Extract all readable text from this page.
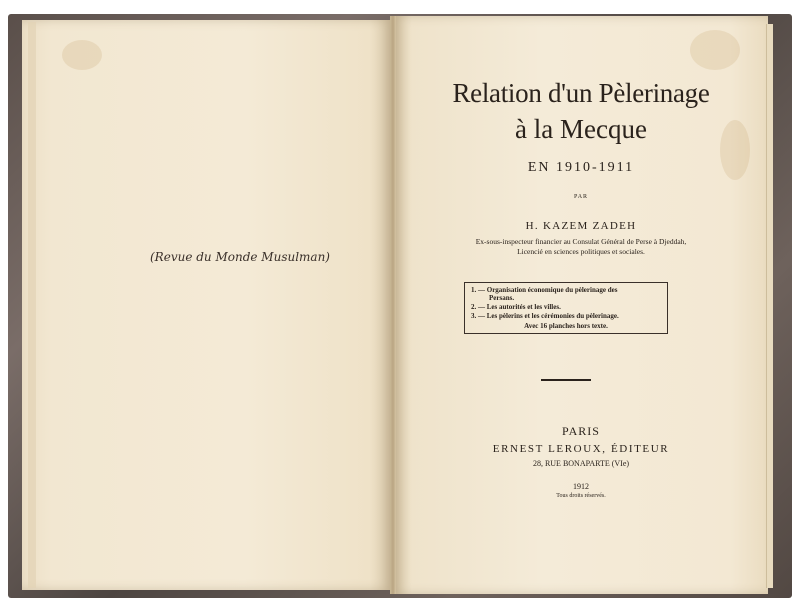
(Revue du Monde Musulman)
Relation d'un Pèlerinage
à la Mecque
EN 1910-1911
PAR
H. KAZEM ZADEH
Ex-sous-inspecteur financier au Consulat Général de Perse à Djeddah,
Licencié en sciences politiques et sociales.
1. — Organisation économique du pèlerinage des
Persans.
2. — Les autorités et les villes.
3. — Les pèlerins et les cérémonies du pèlerinage.
Avec 16 planches hors texte.
PARIS
ERNEST LEROUX, ÉDITEUR
28, RUE BONAPARTE (VIe)
1912
Tous droits réservés.
